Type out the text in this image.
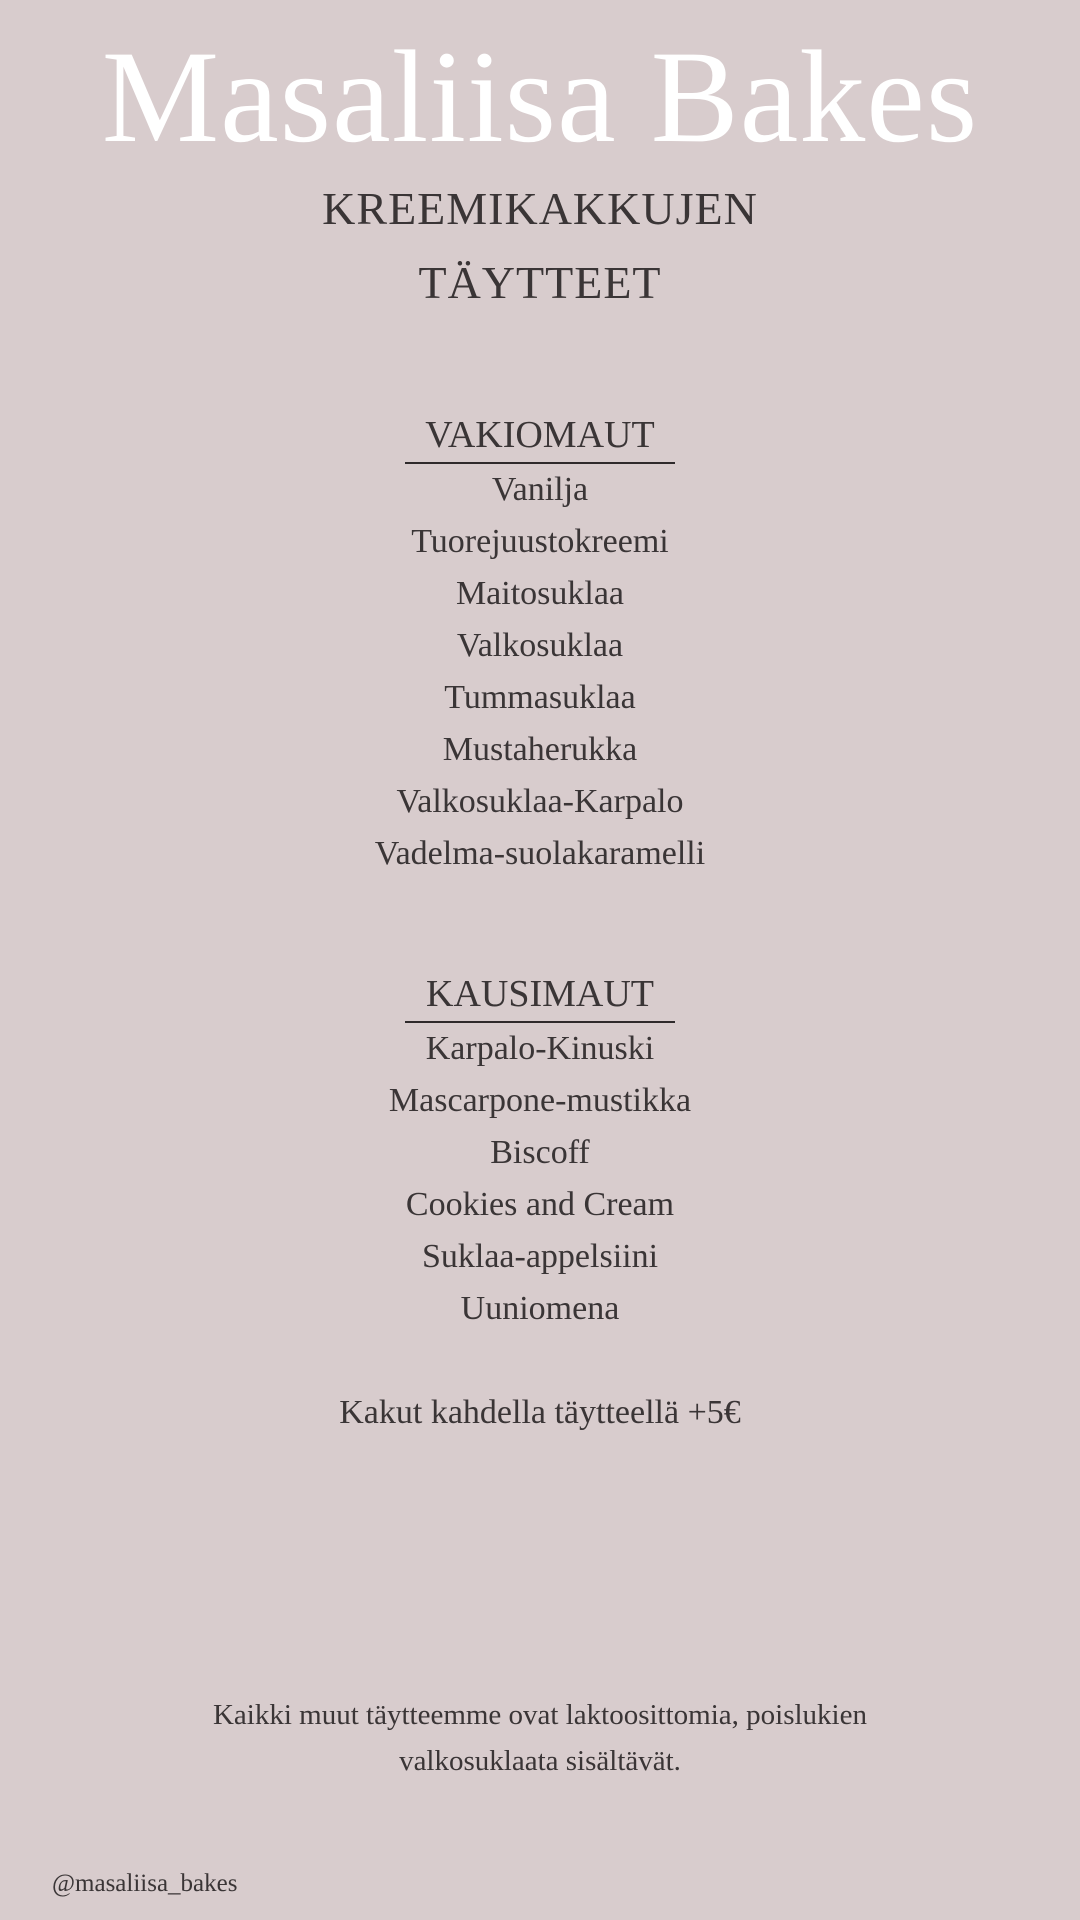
Masaliisa Bakes
KREEMIKAKKUJEN
TÄYTTEET
VAKIOMAUT
Vanilja
Tuorejuustokreemi
Maitosuklaa
Valkosuklaa
Tummasuklaa
Mustaherukka
Valkosuklaa-Karpalo
Vadelma-suolakaramelli
KAUSIMAUT
Karpalo-Kinuski
Mascarpone-mustikka
Biscoff
Cookies and Cream
Suklaa-appelsiini
Uuniomena
Kakut kahdella täytteellä +5€
Kaikki muut täytteemme ovat laktoosittomia, poislukien
valkosuklaata sisältävät.
@masaliisa_bakes
